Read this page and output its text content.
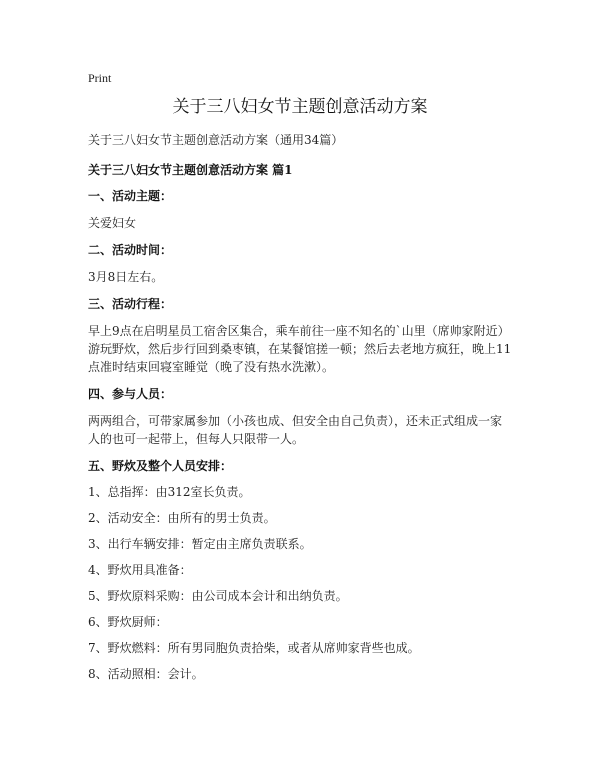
Print
关于三八妇女节主题创意活动方案
关于三八妇女节主题创意活动方案（通用34篇）
关于三八妇女节主题创意活动方案 篇1
一、活动主题：
关爱妇女
二、活动时间：
3月8日左右。
三、活动行程：
早上9点在启明星员工宿舍区集合，乘车前往一座不知名的`山里（席帅家附近）游玩野炊，然后步行回到桑枣镇，在某餐馆搓一顿；然后去老地方疯狂，晚上11点准时结束回寝室睡觉（晚了没有热水洗漱）。
四、参与人员：
两两组合，可带家属参加（小孩也成、但安全由自己负责），还未正式组成一家人的也可一起带上，但每人只限带一人。
五、野炊及整个人员安排：
1、总指挥：由312室长负责。
2、活动安全：由所有的男士负责。
3、出行车辆安排：暂定由主席负责联系。
4、野炊用具准备：
5、野炊原料采购：由公司成本会计和出纳负责。
6、野炊厨师：
7、野炊燃料：所有男同胞负责拾柴，或者从席帅家背些也成。
8、活动照相：会计。
